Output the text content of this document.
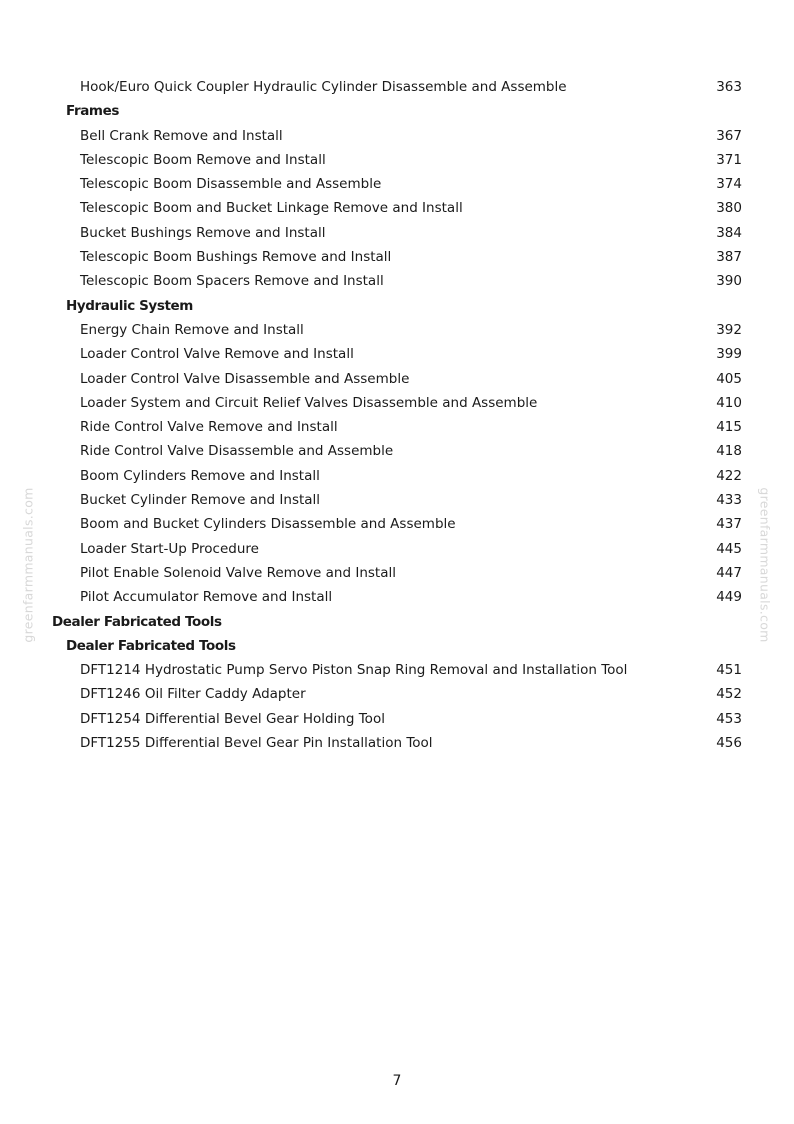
Hook/Euro Quick Coupler Hydraulic Cylinder Disassemble and Assemble	363
Frames
Bell Crank Remove and Install	367
Telescopic Boom Remove and Install	371
Telescopic Boom Disassemble and Assemble	374
Telescopic Boom and Bucket Linkage Remove and Install	380
Bucket Bushings Remove and Install	384
Telescopic Boom Bushings Remove and Install	387
Telescopic Boom Spacers Remove and Install	390
Hydraulic System
Energy Chain Remove and Install	392
Loader Control Valve Remove and Install	399
Loader Control Valve Disassemble and Assemble	405
Loader System and Circuit Relief Valves Disassemble and Assemble	410
Ride Control Valve Remove and Install	415
Ride Control Valve Disassemble and Assemble	418
Boom Cylinders Remove and Install	422
Bucket Cylinder Remove and Install	433
Boom and Bucket Cylinders Disassemble and Assemble	437
Loader Start-Up Procedure	445
Pilot Enable Solenoid Valve Remove and Install	447
Pilot Accumulator Remove and Install	449
Dealer Fabricated Tools
Dealer Fabricated Tools
DFT1214 Hydrostatic Pump Servo Piston Snap Ring Removal and Installation Tool	451
DFT1246 Oil Filter Caddy Adapter	452
DFT1254 Differential Bevel Gear Holding Tool	453
DFT1255 Differential Bevel Gear Pin Installation Tool	456
greenfarmmanuals.com	greenfarmmanuals.com
7
